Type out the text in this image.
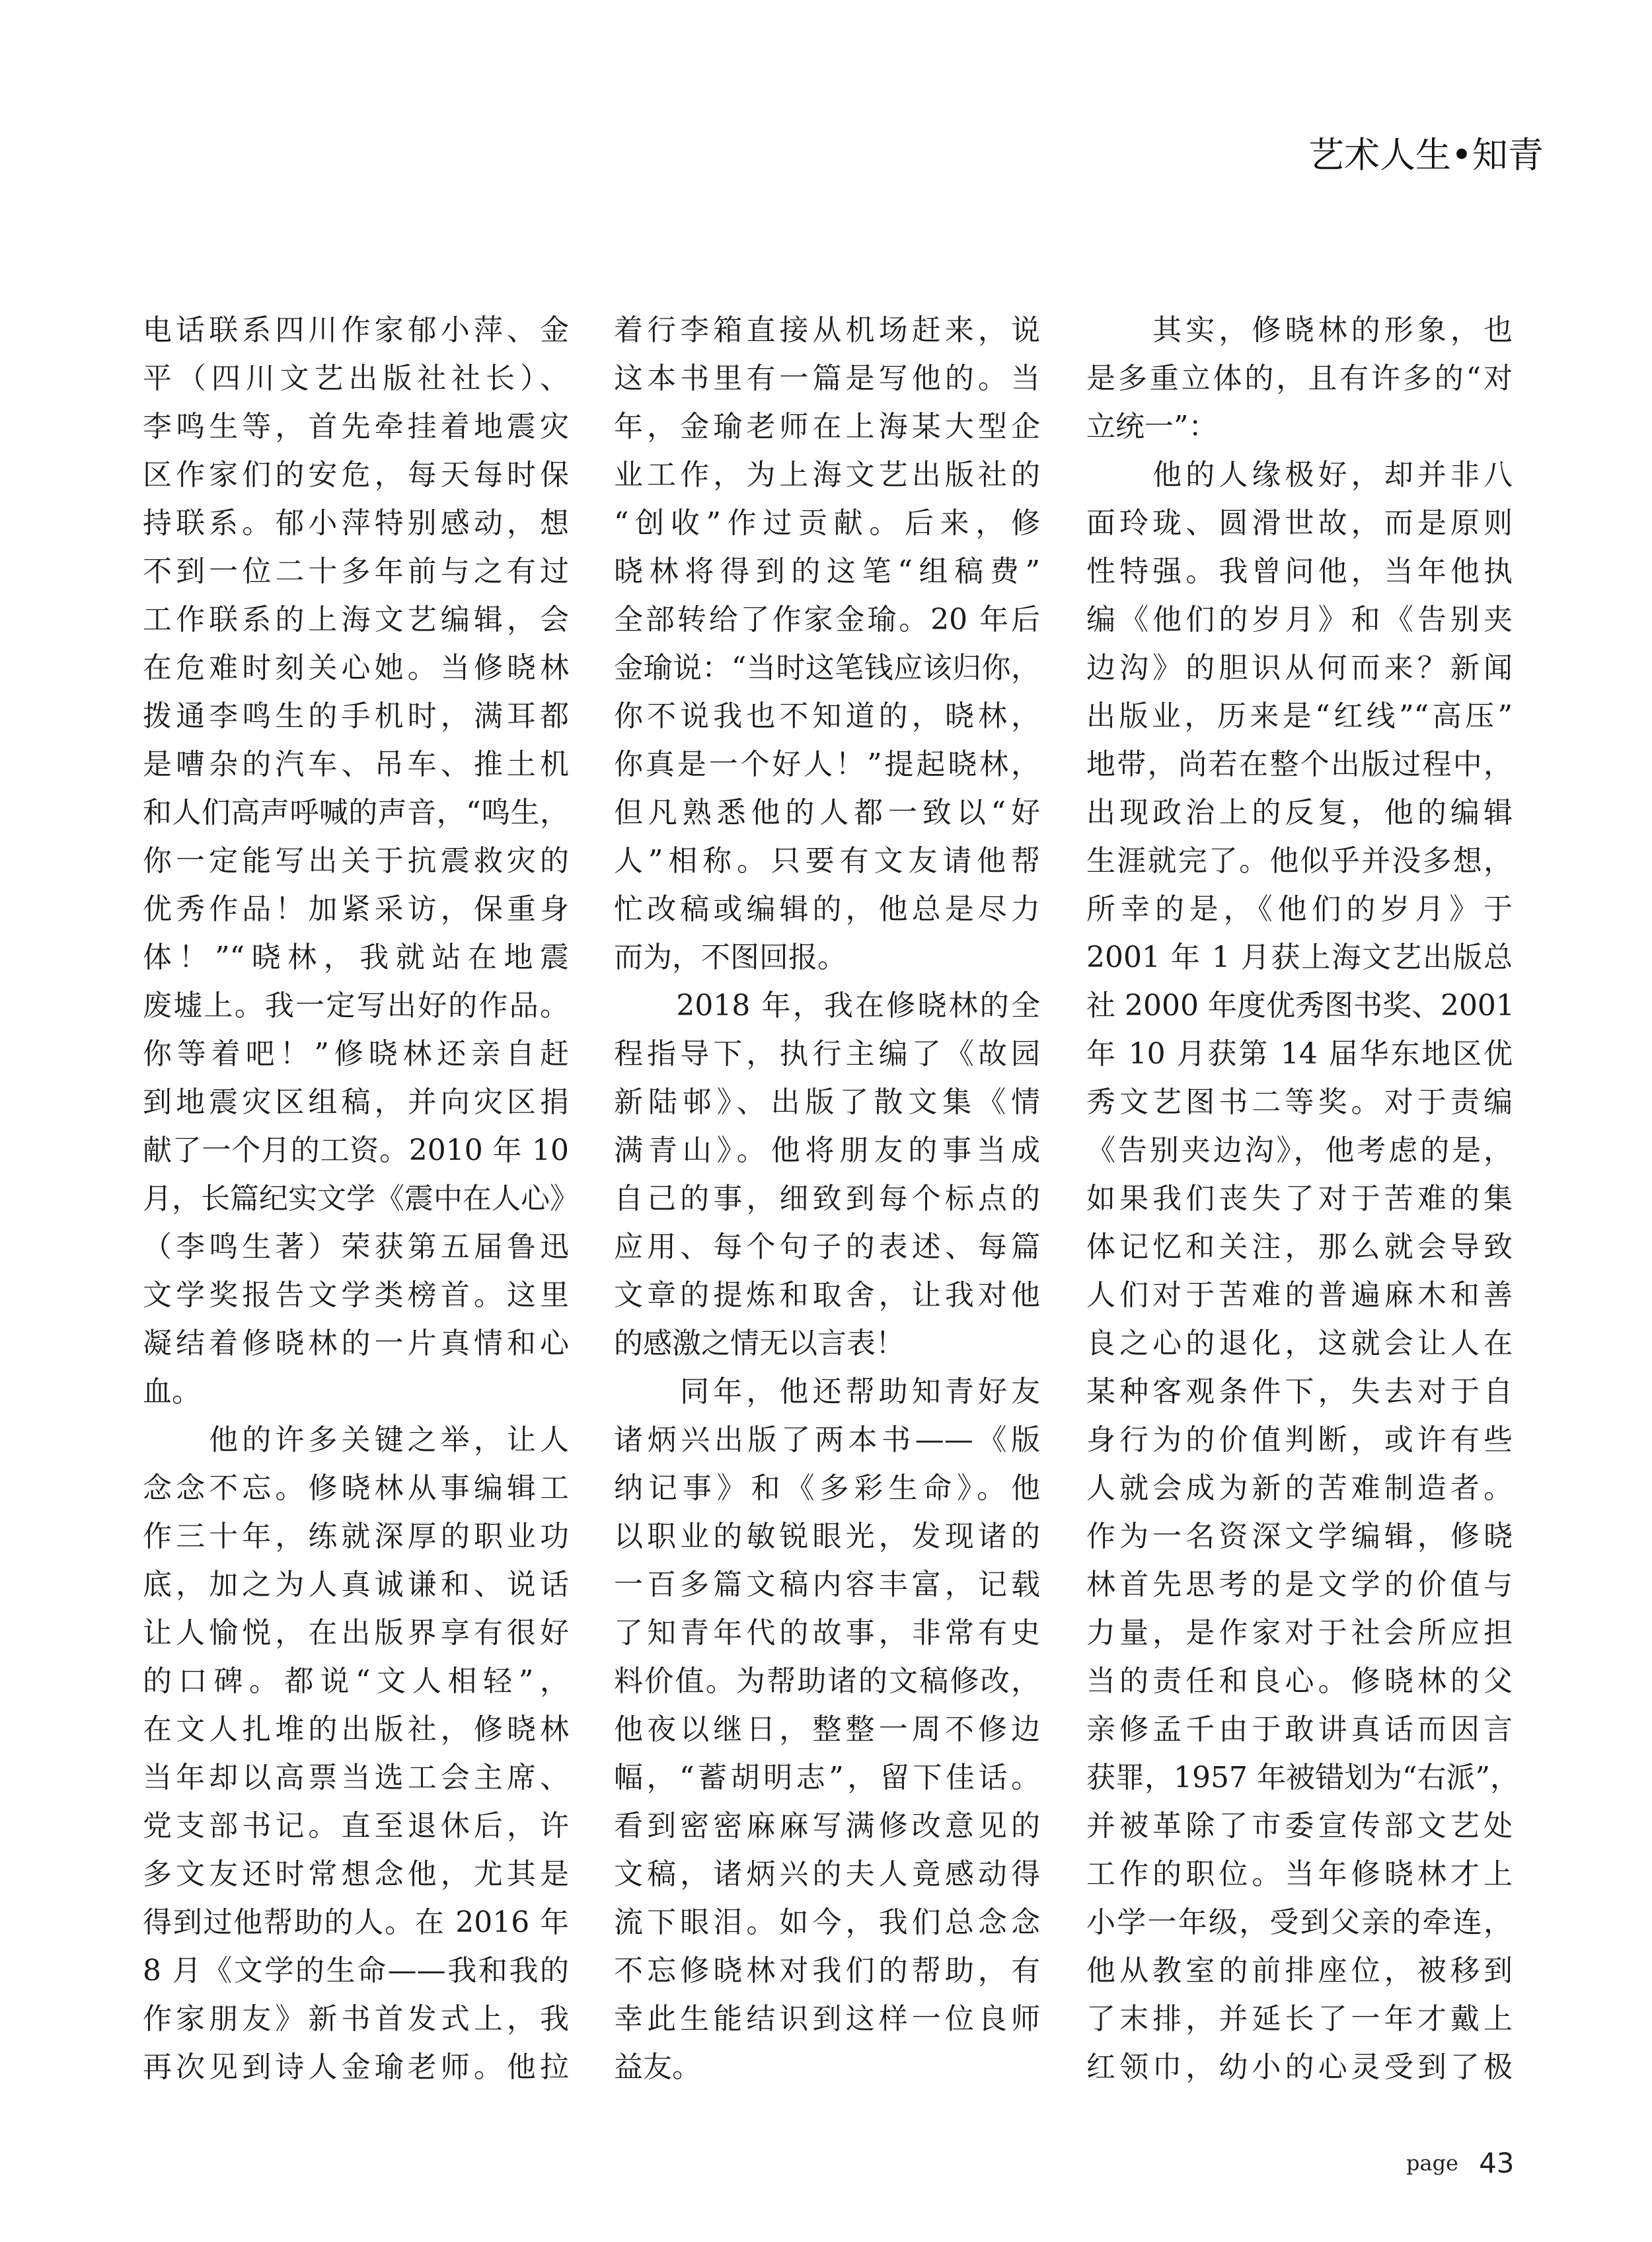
艺术人生•知青
电话联系四川作家郁小萍、金
平（四川文艺出版社社长）、
李鸣生等，首先牵挂着地震灾
区作家们的安危，每天每时保
持联系。郁小萍特别感动，想
不到一位二十多年前与之有过
工作联系的上海文艺编辑，会
在危难时刻关心她。当修晓林
拨通李鸣生的手机时，满耳都
是嘈杂的汽车、吊车、推土机
和人们高声呼喊的声音，“鸣生，
你一定能写出关于抗震救灾的
优秀作品！加紧采访，保重身
体！”“晓林，我就站在地震
废墟上。我一定写出好的作品。
你等着吧！”修晓林还亲自赶
到地震灾区组稿，并向灾区捐
献了一个月的工资。2010 年 10
月，长篇纪实文学《震中在人心》
（李鸣生著）荣获第五届鲁迅
文学奖报告文学类榜首。这里
凝结着修晓林的一片真情和心
血。
　　他的许多关键之举，让人
念念不忘。修晓林从事编辑工
作三十年，练就深厚的职业功
底，加之为人真诚谦和、说话
让人愉悦，在出版界享有很好
的口碑。都说“文人相轻”，
在文人扎堆的出版社，修晓林
当年却以高票当选工会主席、
党支部书记。直至退休后，许
多文友还时常想念他，尤其是
得到过他帮助的人。在 2016 年
8 月《文学的生命——我和我的
作家朋友》新书首发式上，我
再次见到诗人金瑜老师。他拉
着行李箱直接从机场赶来，说
这本书里有一篇是写他的。当
年，金瑜老师在上海某大型企
业工作，为上海文艺出版社的
“创收”作过贡献。后来，修
晓林将得到的这笔“组稿费”
全部转给了作家金瑜。20 年后
金瑜说：“当时这笔钱应该归你，
你不说我也不知道的，晓林，
你真是一个好人！”提起晓林，
但凡熟悉他的人都一致以“好
人”相称。只要有文友请他帮
忙改稿或编辑的，他总是尽力
而为，不图回报。
　　2018 年，我在修晓林的全
程指导下，执行主编了《故园
新陆邨》、出版了散文集《情
满青山》。他将朋友的事当成
自己的事，细致到每个标点的
应用、每个句子的表述、每篇
文章的提炼和取舍，让我对他
的感激之情无以言表！
　　同年，他还帮助知青好友
诸炳兴出版了两本书——《版
纳记事》和《多彩生命》。他
以职业的敏锐眼光，发现诸的
一百多篇文稿内容丰富，记载
了知青年代的故事，非常有史
料价值。为帮助诸的文稿修改，
他夜以继日，整整一周不修边
幅，“蓄胡明志”，留下佳话。
看到密密麻麻写满修改意见的
文稿，诸炳兴的夫人竟感动得
流下眼泪。如今，我们总念念
不忘修晓林对我们的帮助，有
幸此生能结识到这样一位良师
益友。
　　其实，修晓林的形象，也
是多重立体的，且有许多的“对
立统一”：
　　他的人缘极好，却并非八
面玲珑、圆滑世故，而是原则
性特强。我曾问他，当年他执
编《他们的岁月》和《告别夹
边沟》的胆识从何而来？新闻
出版业，历来是“红线”“高压”
地带，尚若在整个出版过程中，
出现政治上的反复，他的编辑
生涯就完了。他似乎并没多想，
所幸的是，《他们的岁月》于
2001 年 1 月获上海文艺出版总
社 2000 年度优秀图书奖、2001
年 10 月获第 14 届华东地区优
秀文艺图书二等奖。对于责编
《告别夹边沟》，他考虑的是，
如果我们丧失了对于苦难的集
体记忆和关注，那么就会导致
人们对于苦难的普遍麻木和善
良之心的退化，这就会让人在
某种客观条件下，失去对于自
身行为的价值判断，或许有些
人就会成为新的苦难制造者。
作为一名资深文学编辑，修晓
林首先思考的是文学的价值与
力量，是作家对于社会所应担
当的责任和良心。修晓林的父
亲修孟千由于敢讲真话而因言
获罪，1957 年被错划为“右派”，
并被革除了市委宣传部文艺处
工作的职位。当年修晓林才上
小学一年级，受到父亲的牵连，
他从教室的前排座位，被移到
了末排，并延长了一年才戴上
红领巾，幼小的心灵受到了极
page 43
